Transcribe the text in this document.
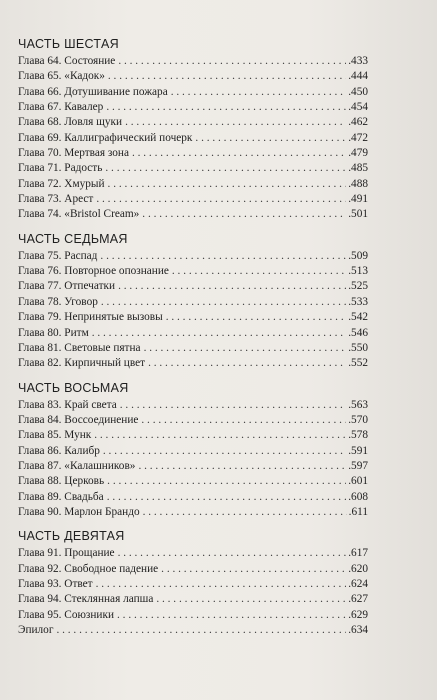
ЧАСТЬ ШЕСТАЯ
Глава 64. Состояние . . .	.433
Глава 65. «Кадок» . . .	.444
Глава 66. Дотушивание пожара . . .	.450
Глава 67. Кавалер . . .	.454
Глава 68. Ловля щуки . . .	.462
Глава 69. Каллиграфический почерк . . .	.472
Глава 70. Мертвая зона . . .	.479
Глава 71. Радость . . .	.485
Глава 72. Хмурый . . .	.488
Глава 73. Арест . . .	.491
Глава 74. «Bristol Cream» . . .	.501
ЧАСТЬ СЕДЬМАЯ
Глава 75. Распад . . .	.509
Глава 76. Повторное опознание . . .	.513
Глава 77. Отпечатки . . .	.525
Глава 78. Уговор . . .	.533
Глава 79. Непринятые вызовы . . .	.542
Глава 80. Ритм . . .	.546
Глава 81. Световые пятна . . .	.550
Глава 82. Кирпичный цвет . . .	.552
ЧАСТЬ ВОСЬМАЯ
Глава 83. Край света . . .	.563
Глава 84. Воссоединение . . .	.570
Глава 85. Мунк . . .	.578
Глава 86. Калибр . . .	.591
Глава 87. «Калашников» . . .	.597
Глава 88. Церковь . . .	.601
Глава 89. Свадьба . . .	.608
Глава 90. Марлон Брандо . . .	.611
ЧАСТЬ ДЕВЯТАЯ
Глава 91. Прощание . . .	.617
Глава 92. Свободное падение . . .	.620
Глава 93. Ответ . . .	.624
Глава 94. Стеклянная лапша . . .	.627
Глава 95. Союзники . . .	.629
Эпилог . . .	.634
